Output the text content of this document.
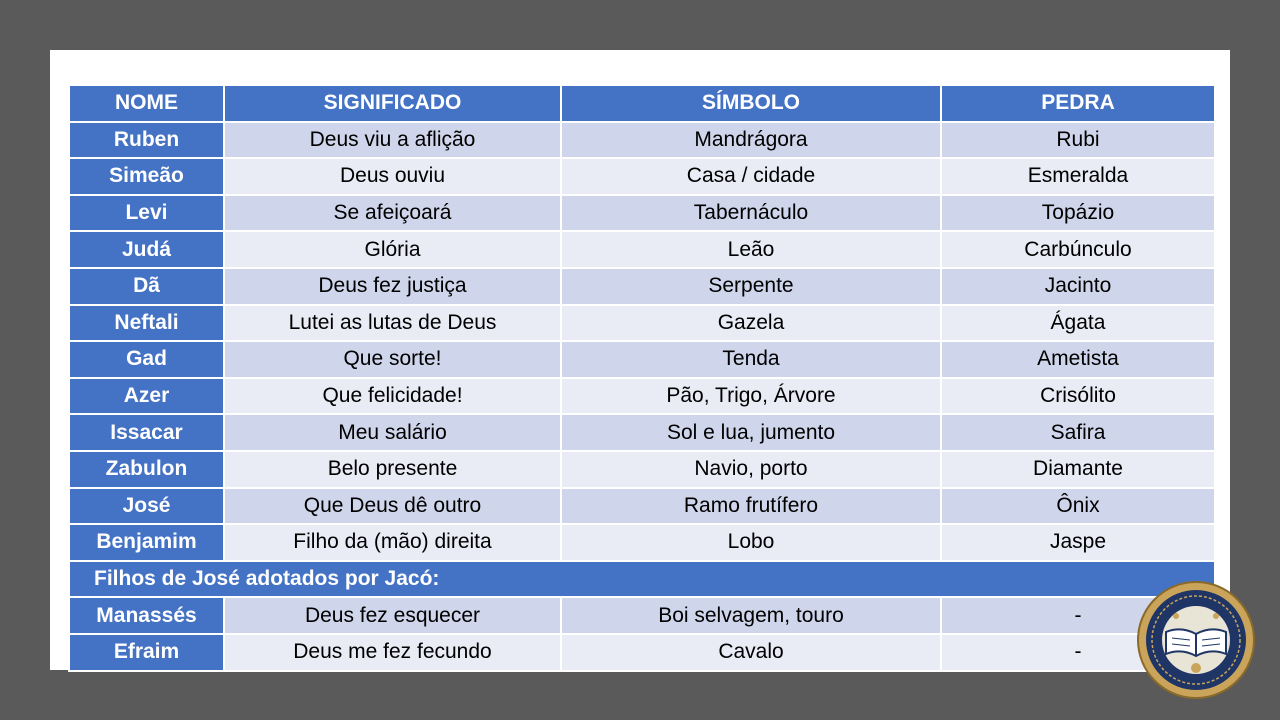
NOME	SIGNIFICADO	SÍMBOLO	PEDRA
Ruben	Deus viu a aflição	Mandrágora	Rubi
Simeão	Deus ouviu	Casa / cidade	Esmeralda
Levi	Se afeiçoará	Tabernáculo	Topázio
Judá	Glória	Leão	Carbúnculo
Dã	Deus fez justiça	Serpente	Jacinto
Neftali	Lutei as lutas de Deus	Gazela	Ágata
Gad	Que sorte!	Tenda	Ametista
Azer	Que felicidade!	Pão, Trigo, Árvore	Crisólito
Issacar	Meu salário	Sol e lua, jumento	Safira
Zabulon	Belo presente	Navio, porto	Diamante
José	Que Deus dê outro	Ramo frutífero	Ônix
Benjamim	Filho da (mão) direita	Lobo	Jaspe
Filhos de José adotados por Jacó:			
Manassés	Deus fez esquecer	Boi selvagem, touro	-
Efraim	Deus me fez fecundo	Cavalo	-
